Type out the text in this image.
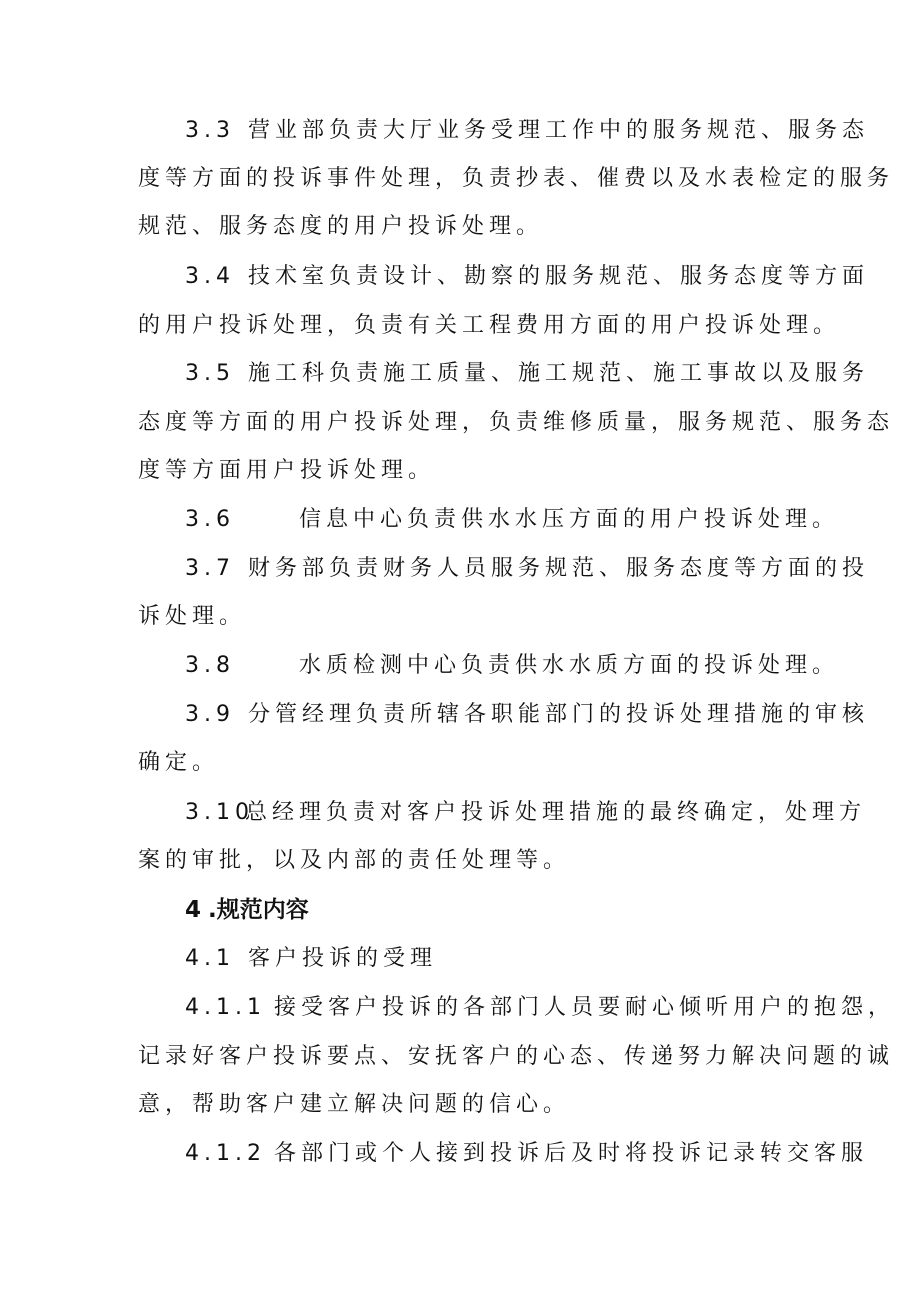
3.3 营业部负责大厅业务受理工作中的服务规范、服务态
度等方面的投诉事件处理，负责抄表、催费以及水表检定的服务
规范、服务态度的用户投诉处理。
3.4 技术室负责设计、勘察的服务规范、服务态度等方面
的用户投诉处理，负责有关工程费用方面的用户投诉处理。
3.5 施工科负责施工质量、施工规范、施工事故以及服务
态度等方面的用户投诉处理，负责维修质量，服务规范、服务态
度等方面用户投诉处理。
3.6	信息中心负责供水水压方面的用户投诉处理。
3.7 财务部负责财务人员服务规范、服务态度等方面的投
诉处理。
3.8	水质检测中心负责供水水质方面的投诉处理。
3.9 分管经理负责所辖各职能部门的投诉处理措施的审核
确定。
3.10
总经理负责对客户投诉处理措施的最终确定，处理方
案的审批，以及内部的责任处理等。
4 .规范内容
4.1 客户投诉的受理
4.1.1 接受客户投诉的各部门人员要耐心倾听用户的抱怨，
记录好客户投诉要点、安抚客户的心态、传递努力解决问题的诚
意，帮助客户建立解决问题的信心。
4.1.2 各部门或个人接到投诉后及时将投诉记录转交客服
